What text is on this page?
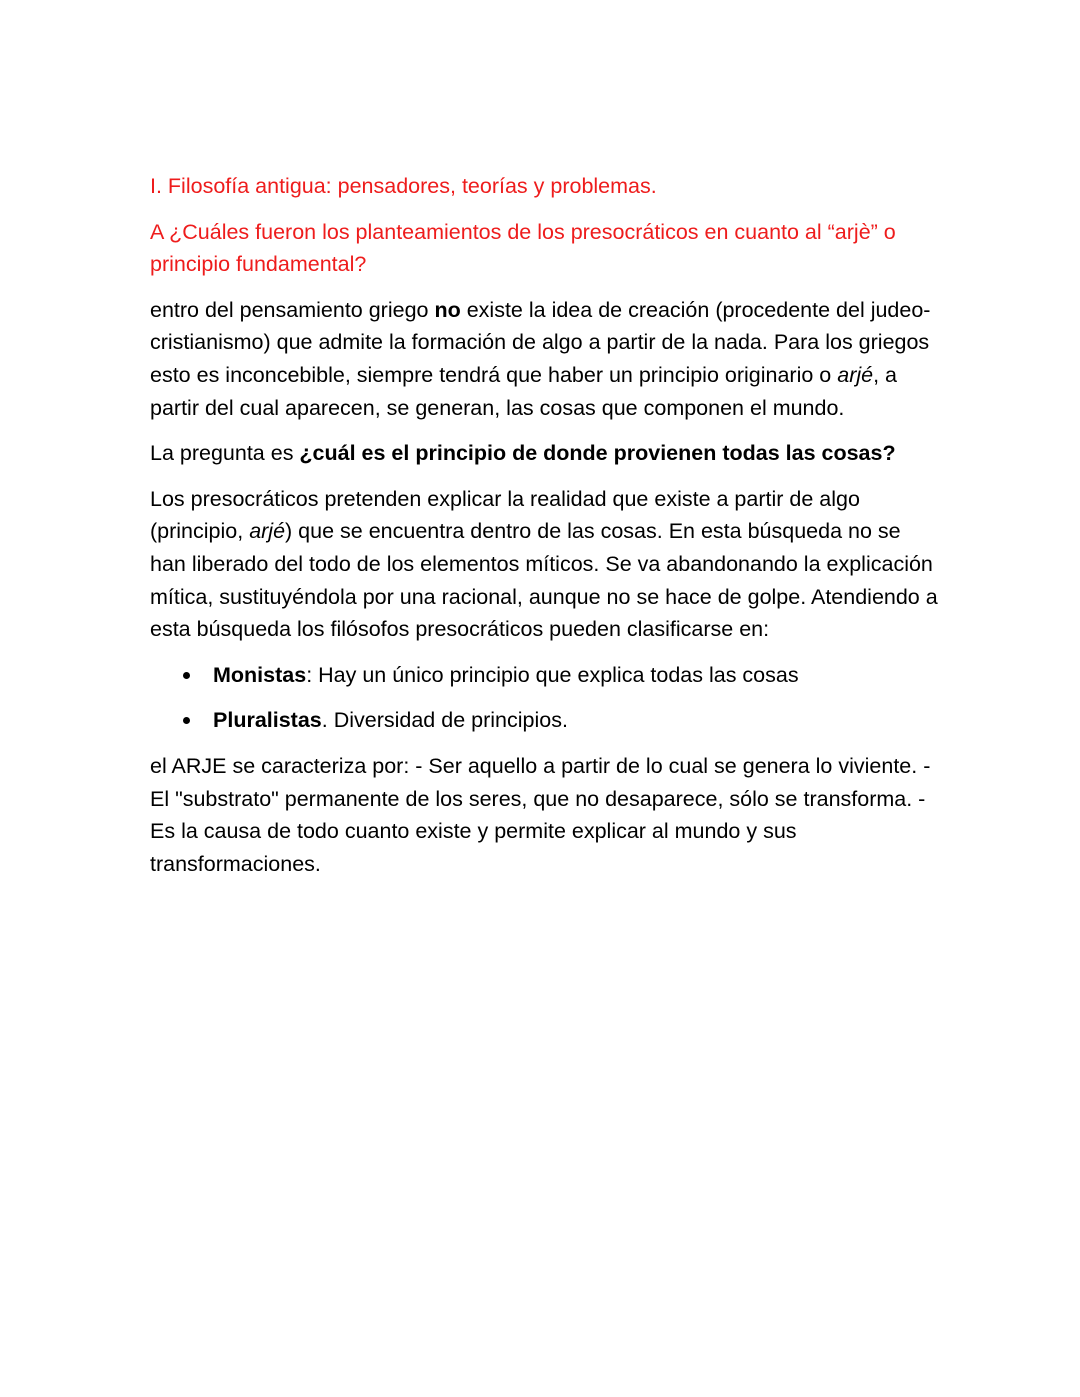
I. Filosofía antigua: pensadores, teorías y problemas.

A ¿Cuáles fueron los planteamientos de los presocráticos en cuanto al “arjè” o principio fundamental?

entro del pensamiento griego no existe la idea de creación (procedente del judeo-cristianismo) que admite la formación de algo a partir de la nada. Para los griegos esto es inconcebible, siempre tendrá que haber un principio originario o arjé, a partir del cual aparecen, se generan, las cosas que componen el mundo.

La pregunta es ¿cuál es el principio de donde provienen todas las cosas?

Los presocráticos pretenden explicar la realidad que existe a partir de algo (principio, arjé) que se encuentra dentro de las cosas. En esta búsqueda no se han liberado del todo de los elementos míticos. Se va abandonando la explicación mítica, sustituyéndola por una racional, aunque no se hace de golpe. Atendiendo a esta búsqueda los filósofos presocráticos pueden clasificarse en:

Monistas: Hay un único principio que explica todas las cosas
Pluralistas. Diversidad de principios.

el ARJE se caracteriza por: - Ser aquello a partir de lo cual se genera lo viviente. - El "substrato" permanente de los seres, que no desaparece, sólo se transforma. - Es la causa de todo cuanto existe y permite explicar al mundo y sus transformaciones.
